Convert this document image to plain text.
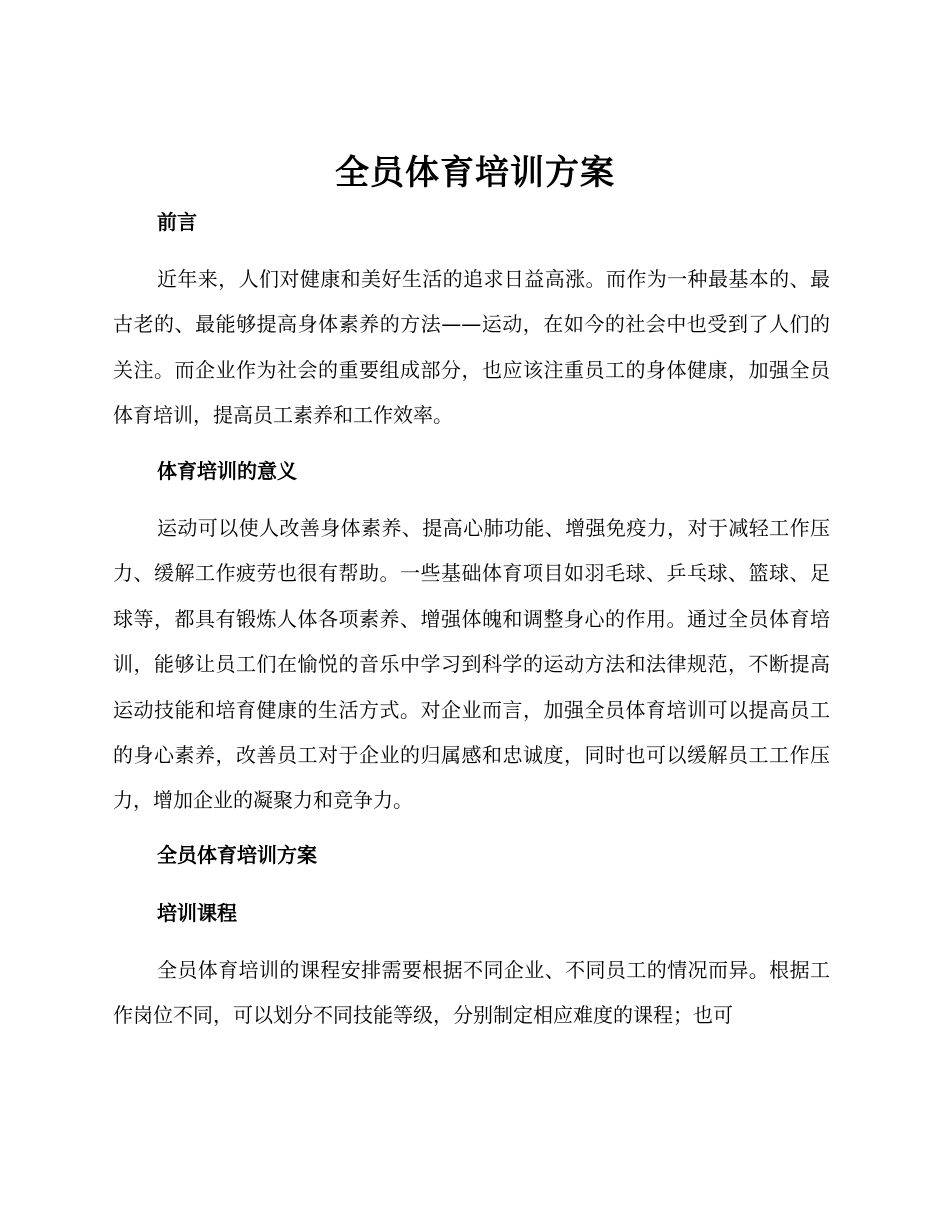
全员体育培训方案
前言
近年来，人们对健康和美好生活的追求日益高涨。而作为一种最基本的、最古老的、最能够提高身体素养的方法——运动，在如今的社会中也受到了人们的关注。而企业作为社会的重要组成部分，也应该注重员工的身体健康，加强全员体育培训，提高员工素养和工作效率。
体育培训的意义
运动可以使人改善身体素养、提高心肺功能、增强免疫力，对于减轻工作压力、缓解工作疲劳也很有帮助。一些基础体育项目如羽毛球、乒乓球、篮球、足球等，都具有锻炼人体各项素养、增强体魄和调整身心的作用。通过全员体育培训，能够让员工们在愉悦的音乐中学习到科学的运动方法和法律规范，不断提高运动技能和培育健康的生活方式。对企业而言，加强全员体育培训可以提高员工的身心素养，改善员工对于企业的归属感和忠诚度，同时也可以缓解员工工作压力，增加企业的凝聚力和竞争力。
全员体育培训方案
培训课程
全员体育培训的课程安排需要根据不同企业、不同员工的情况而异。根据工作岗位不同，可以划分不同技能等级，分别制定相应难度的课程；也可
